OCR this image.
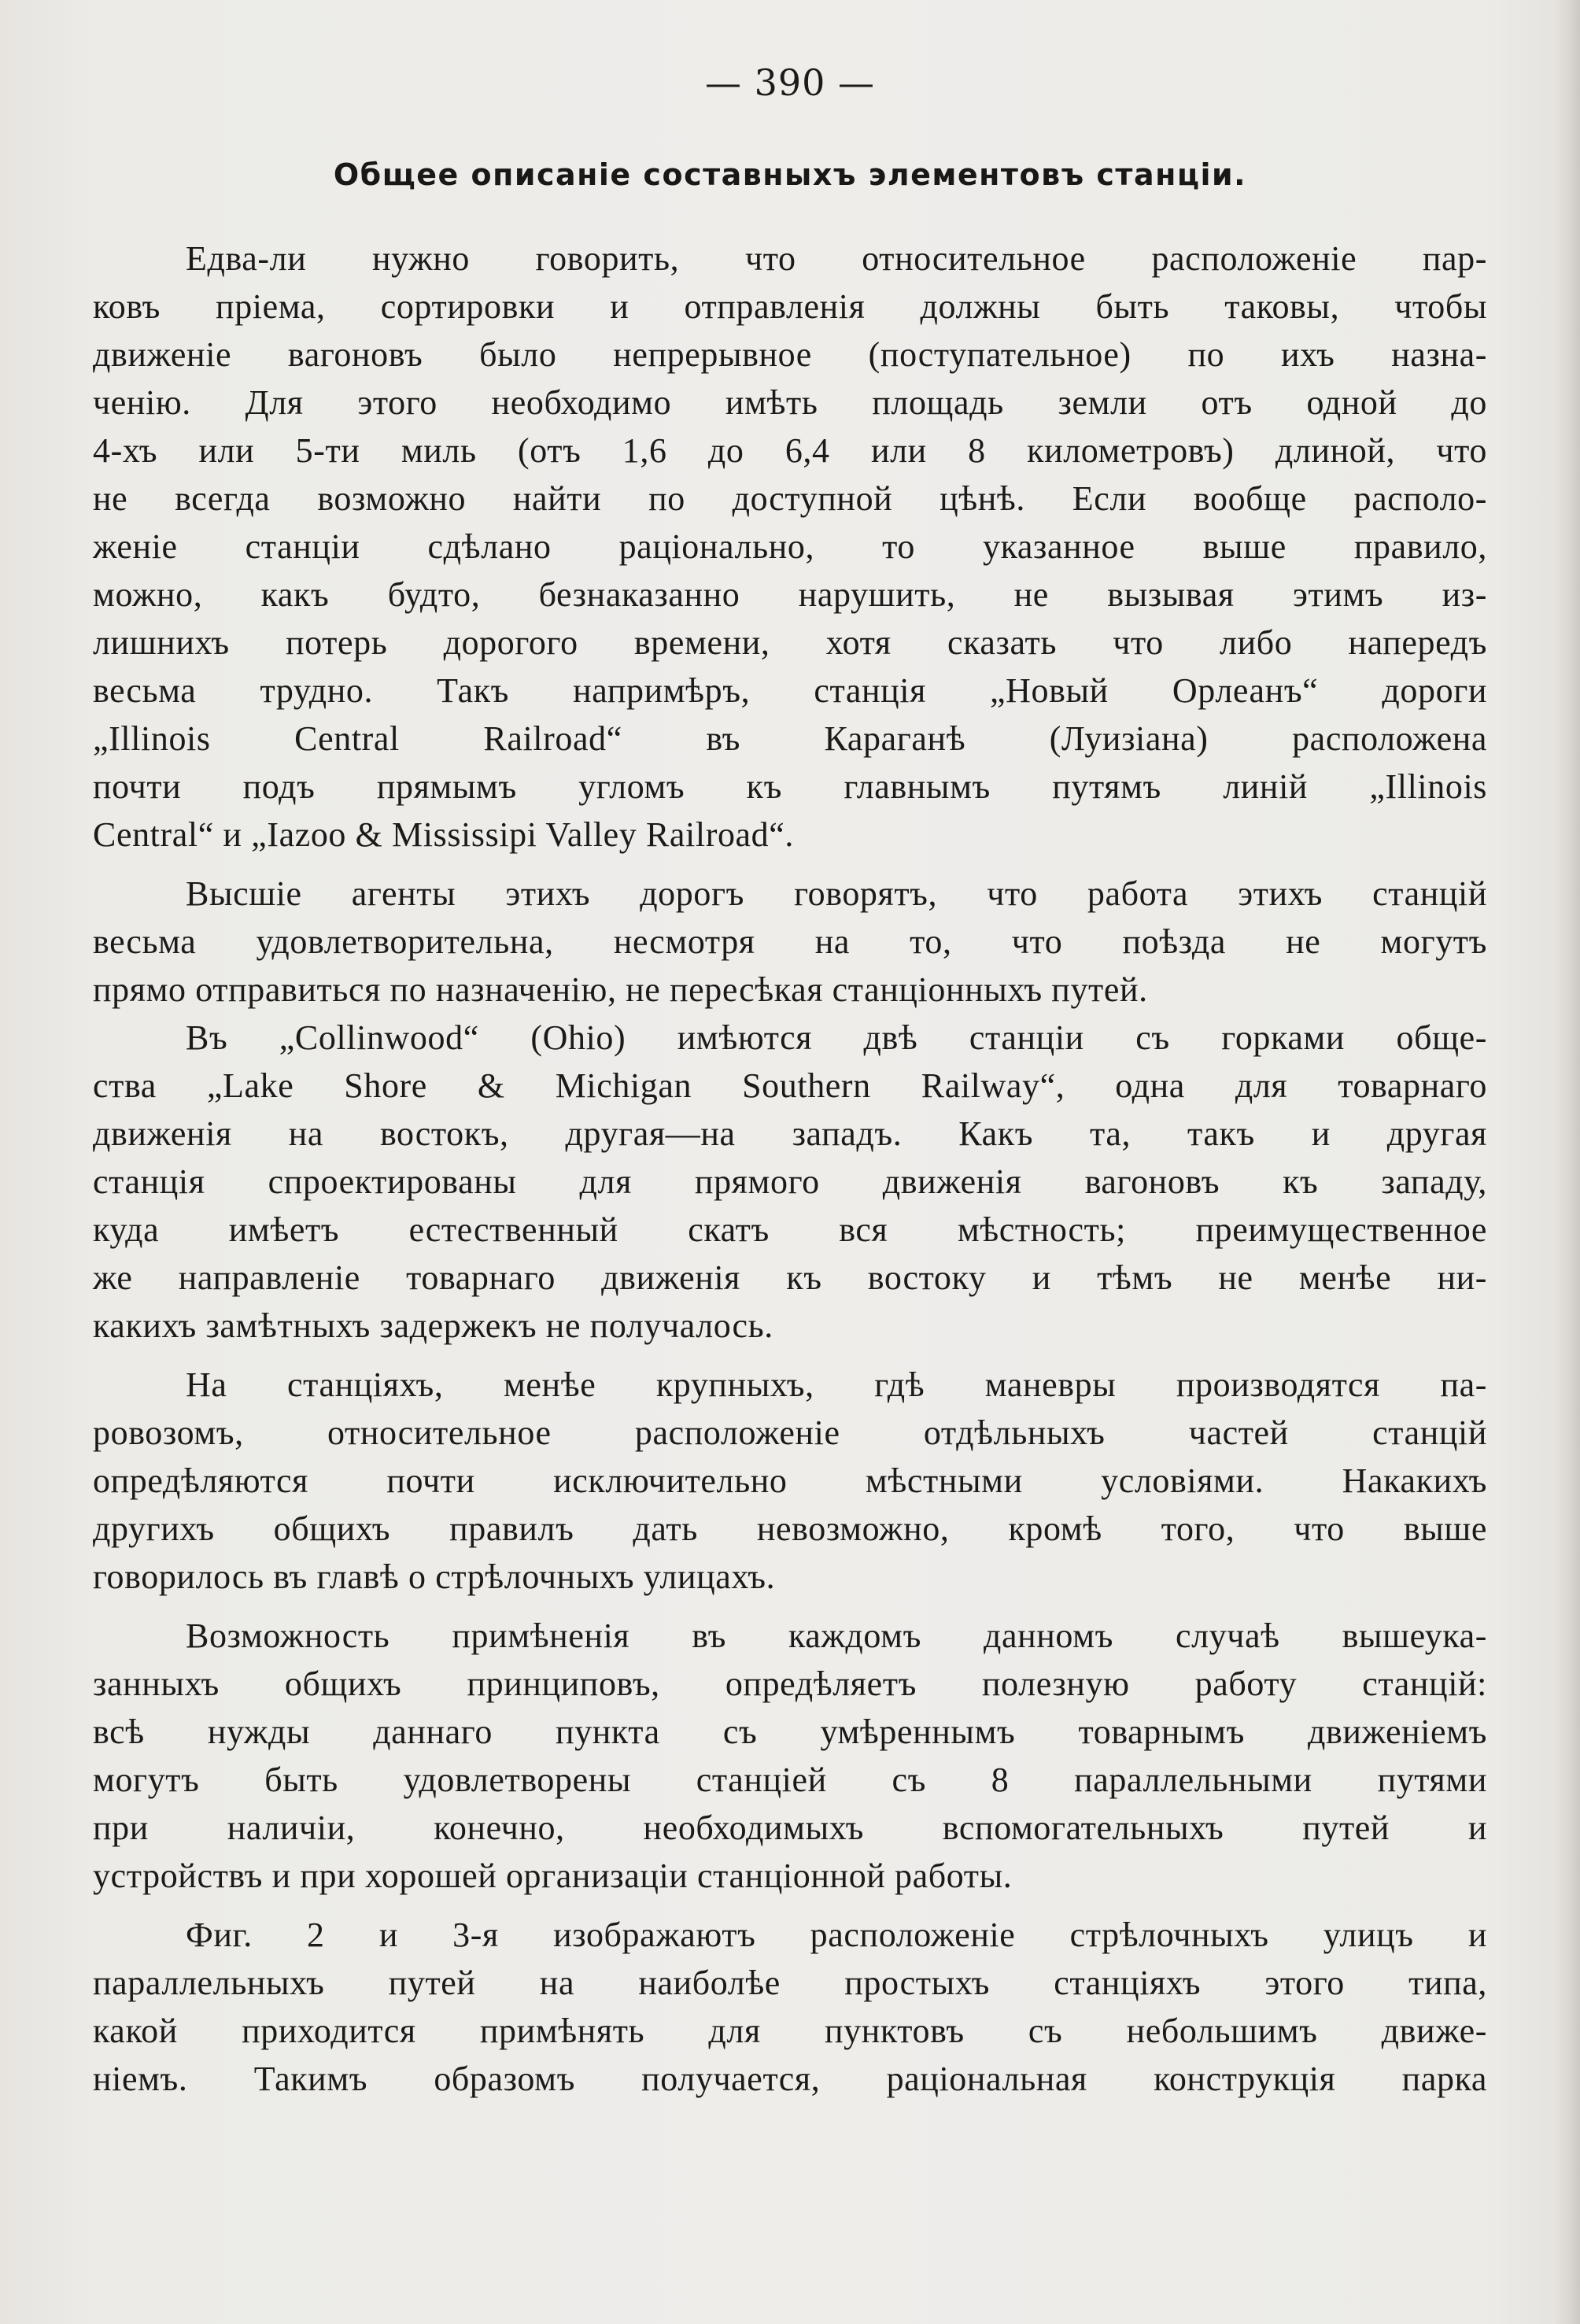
— 390 —
Общее описаніе составныхъ элементовъ станціи.
Едва-ли нужно говорить, что относительное расположеніе пар-
ковъ пріема, сортировки и отправленія должны быть таковы, чтобы
движеніе вагоновъ было непрерывное (поступательное) по ихъ назна-
ченію. Для этого необходимо имѣть площадь земли отъ одной до
4-хъ или 5-ти миль (отъ 1,6 до 6,4 или 8 километровъ) длиной, что
не всегда возможно найти по доступной цѣнѣ. Если вообще располо-
женіе станціи сдѣлано раціонально, то указанное выше правило,
можно, какъ будто, безнаказанно нарушить, не вызывая этимъ из-
лишнихъ потерь дорогого времени, хотя сказать что либо напередъ
весьма трудно. Такъ напримѣръ, станція „Новый Орлеанъ“ дороги
„Illinois Central Railroad“ въ Караганѣ (Луизіана) расположена
почти подъ прямымъ угломъ къ главнымъ путямъ линій „Illinois
Central“ и „Iazoo & Mississipi Valley Railroad“.
Высшіе агенты этихъ дорогъ говорятъ, что работа этихъ станцій
весьма удовлетворительна, несмотря на то, что поѣзда не могутъ
прямо отправиться по назначенію, не пересѣкая станціонныхъ путей.
Въ „Collinwood“ (Ohio) имѣются двѣ станціи съ горками обще-
ства „Lake Shore & Michigan Southern Railway“, одна для товарнаго
движенія на востокъ, другая—на западъ. Какъ та, такъ и другая
станція спроектированы для прямого движенія вагоновъ къ западу,
куда имѣетъ естественный скатъ вся мѣстность; преимущественное
же направленіе товарнаго движенія къ востоку и тѣмъ не менѣе ни-
какихъ замѣтныхъ задержекъ не получалось.
На станціяхъ, менѣе крупныхъ, гдѣ маневры производятся па-
ровозомъ, относительное расположеніе отдѣльныхъ частей станцій
опредѣляются почти исключительно мѣстными условіями. Накакихъ
другихъ общихъ правилъ дать невозможно, кромѣ того, что выше
говорилось въ главѣ о стрѣлочныхъ улицахъ.
Возможность примѣненія въ каждомъ данномъ случаѣ вышеука-
занныхъ общихъ принциповъ, опредѣляетъ полезную работу станцій:
всѣ нужды даннаго пункта съ умѣреннымъ товарнымъ движеніемъ
могутъ быть удовлетворены станціей съ 8 параллельными путями
при наличіи, конечно, необходимыхъ вспомогательныхъ путей и
устройствъ и при хорошей организаціи станціонной работы.
Фиг. 2 и 3-я изображаютъ расположеніе стрѣлочныхъ улицъ и
параллельныхъ путей на наиболѣе простыхъ станціяхъ этого типа,
какой приходится примѣнять для пунктовъ съ небольшимъ движе-
ніемъ. Такимъ образомъ получается, раціональная конструкція парка
